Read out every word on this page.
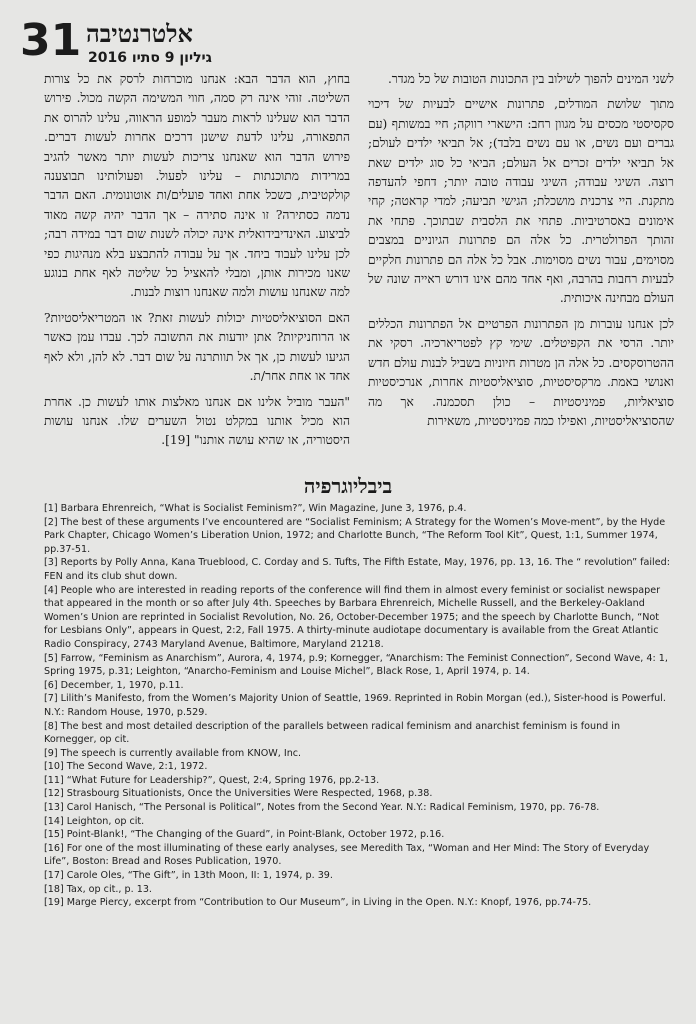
31 אלטרנטיבה
גיליון 9 סתיו 2016

לשני המינים להפוך לשילוב בין התכונות הטובות של כל מגדר.

מתוך שלושת המודלים, פתרונות אישיים לבעיות של דיכוי סקסיסטי מכסים על מגוון רחב: הישארי רווקה; חיי במשותף (עם גברים ועם נשים, או עם נשים בלבד); אל תביאי ילדים לעולם; אל תביאי ילדים זכרים אל העולם; הביאי כל סוג ילדים שאת רוצה. השיגי עבודה; השיגי עבודה טובה יותר; דחפי להעדפה מתקנת. היי צרכנית מושכלת; הגישי תביעה; למדי קראטה; קחי אימונים באסרטיביות. פתחי את הלסבית שבתוכך. פתחי את זהותך הפרולטרית. כל אלה הם פתרונות הגיוניים במצבים מסוימים, עבור נשים מסוימות. אבל כל אלה הם פתרונות חלקיים לבעיות רחבות בהרבה, ואף אחד מהם אינו דורש ראייה שונה של העולם מבחינה איכותית.

לכן אנחנו עוברות מן הפתרונות הפרטיים אל הפתרונות הכללים יותר. הרסי את הקפיטלים. שימי קץ לפטריארכיה. רסקי את ההטרוסקסים. כל אלה הן מטרות חיוניות בשביל לבנות עולם חדש ואנושי באמת. מרקסיסטיות, סוציאליסטיות אחרות, אנרכיסטיות סוציאליות, פמיניסטיות – כולן תסכמנה. אך מה שהסוציאליסטיות, ואפילו כמה פמיניסטיות, משאירות

בחוץ, הוא הדבר הבא: אנחנו מוכרחות לרסק את כל צורות השליטה. זוהי אינה רק סמה, חווי המשימה הקשה מכול. פירוש הדבר הוא שעלינו לראות מעבר למופע הראווה, עלינו להרוס את התפאורה, עלינו לדעת שישנן דרכים אחרות לעשות דברים. פירוש הדבר הוא שאנחנו צריכות לעשות יותר מאשר להגיב במרידות מתוכנתות – עלינו לפעול. ופעולותינו תבוצענה קולקטיבית, כשכל אחת ואחד פועלים/ות אוטונומית. האם הדבר נדמה כסתירה? זו אינה סתירה – אך הדבר יהיה קשה מאוד לביצוע. האינדיבידואלית אינה יכולה לשנות שום דבר במידה רבה; לכן עלינו לעבוד ביחד. אך על עבודה להתבצע בלא מנהיגות כפי שאנו מכירות אותן, ומבלי להאציל כל שליטה לאף אחת בנוגע למה שאנחנו עושות ולמה שאנחנו רוצות לבנות.

האם הסוציאליסטיות יכולות לעשות זאת? או המטריאליסטיות? או הרוחניקיות? אתן יודעות את התשובה לכך. עבדו עמן כאשר הגיעו לעשות כן, אך אל תוותרנה על שום דבר. לא להן, ולא לאף אחד או אחת אחר/ת.

"העבר מוביל אלינו אם אנחנו מאלצות אותו לעשות כן. אחרת הוא מכיל אותנו במקלט נטול השערים שלו. אנחנו עושות היסטוריה, או שהיא עושה אותנו" [19].

ביבליוגרפיה
[1] Barbara Ehrenreich, “What is Socialist Feminism?”, Win Magazine, June 3, 1976, p.4.
[2] The best of these arguments I’ve encountered are “Socialist Feminism; A Strategy for the Women’s Move-ment”, by the Hyde Park Chapter, Chicago Women’s Liberation Union, 1972; and Charlotte Bunch, “The Reform Tool Kit”, Quest, 1:1, Summer 1974, pp.37-51.
[3] Reports by Polly Anna, Kana Trueblood, C. Corday and S. Tufts, The Fifth Estate, May, 1976, pp. 13, 16. The “ revolution” failed: FEN and its club shut down.
[4] People who are interested in reading reports of the conference will find them in almost every feminist or socialist newspaper that appeared in the month or so after July 4th. Speeches by Barbara Ehrenreich, Michelle Russell, and the Berkeley-Oakland Women’s Union are reprinted in Socialist Revolution, No. 26, October-December 1975; and the speech by Charlotte Bunch, “Not for Lesbians Only”, appears in Quest, 2:2, Fall 1975. A thirty-minute audiotape documentary is available from the Great Atlantic Radio Conspiracy, 2743 Maryland Avenue, Baltimore, Maryland 21218.
[5] Farrow, “Feminism as Anarchism”, Aurora, 4, 1974, p.9; Kornegger, “Anarchism: The Feminist Connection”, Second Wave, 4: 1, Spring 1975, p.31; Leighton, “Anarcho-Feminism and Louise Michel”, Black Rose, 1, April 1974, p. 14.
[6] December, 1, 1970, p.11.
[7] Lilith’s Manifesto, from the Women’s Majority Union of Seattle, 1969. Reprinted in Robin Morgan (ed.), Sister-hood is Powerful. N.Y.: Random House, 1970, p.529.
[8] The best and most detailed description of the parallels between radical feminism and anarchist feminism is found in Kornegger, op cit.
[9] The speech is currently available from KNOW, Inc.
[10] The Second Wave, 2:1, 1972.
[11] “What Future for Leadership?”, Quest, 2:4, Spring 1976, pp.2-13.
[12] Strasbourg Situationists, Once the Universities Were Respected, 1968, p.38.
[13] Carol Hanisch, “The Personal is Political”, Notes from the Second Year. N.Y.: Radical Feminism, 1970, pp. 76-78.
[14] Leighton, op cit.
[15] Point-Blank!, “The Changing of the Guard”, in Point-Blank, October 1972, p.16.
[16] For one of the most illuminating of these early analyses, see Meredith Tax, “Woman and Her Mind: The Story of Everyday Life”, Boston: Bread and Roses Publication, 1970.
[17] Carole Oles, “The Gift”, in 13th Moon, II: 1, 1974, p. 39.
[18] Tax, op cit., p. 13.
[19] Marge Piercy, excerpt from “Contribution to Our Museum”, in Living in the Open. N.Y.: Knopf, 1976, pp.74-75.
